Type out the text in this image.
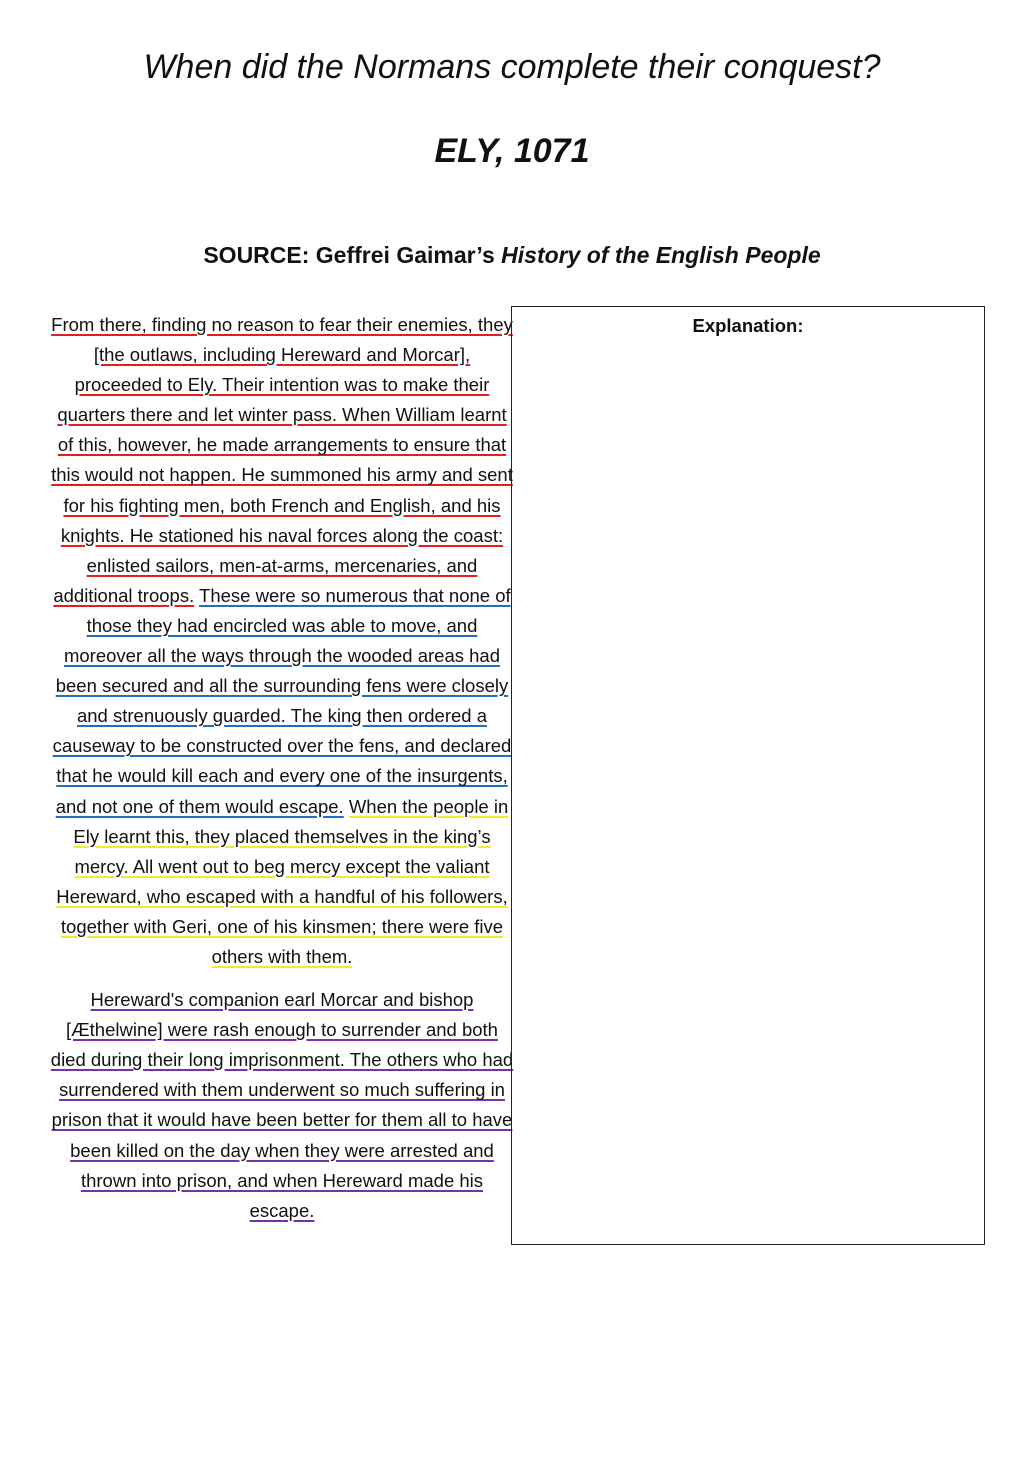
When did the Normans complete their conquest?
ELY, 1071
SOURCE: Geffrei Gaimar’s History of the English People

From there, finding no reason to fear their enemies, they [the outlaws, including Hereward and Morcar], proceeded to Ely. Their intention was to make their quarters there and let winter pass. When William learnt of this, however, he made arrangements to ensure that this would not happen. He summoned his army and sent for his fighting men, both French and English, and his knights. He stationed his naval forces along the coast: enlisted sailors, men-at-arms, mercenaries, and additional troops. These were so numerous that none of those they had encircled was able to move, and moreover all the ways through the wooded areas had been secured and all the surrounding fens were closely and strenuously guarded. The king then ordered a causeway to be constructed over the fens, and declared that he would kill each and every one of the insurgents, and not one of them would escape. When the people in Ely learnt this, they placed themselves in the king’s mercy. All went out to beg mercy except the valiant Hereward, who escaped with a handful of his followers, together with Geri, one of his kinsmen; there were five others with them.

Hereward's companion earl Morcar and bishop [Æthelwine] were rash enough to surrender and both died during their long imprisonment. The others who had surrendered with them underwent so much suffering in prison that it would have been better for them all to have been killed on the day when they were arrested and thrown into prison, and when Hereward made his escape.

Explanation:
